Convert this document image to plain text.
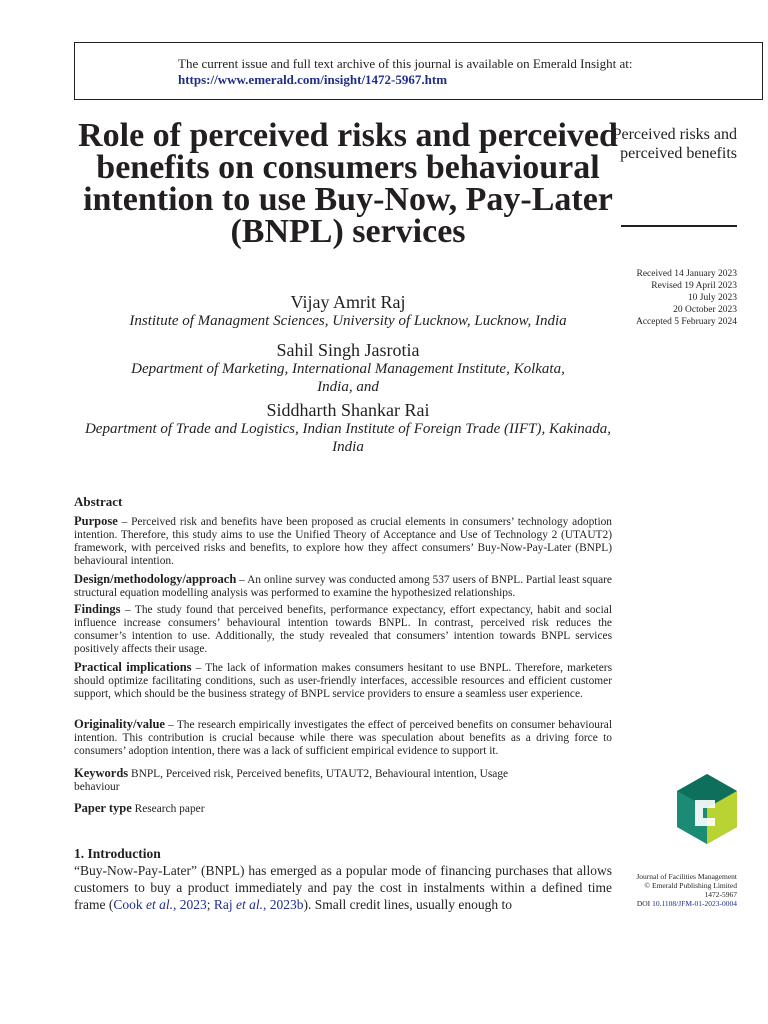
The current issue and full text archive of this journal is available on Emerald Insight at:
https://www.emerald.com/insight/1472-5967.htm
Role of perceived risks and perceived benefits on consumers behavioural intention to use Buy-Now, Pay-Later (BNPL) services
Perceived risks and perceived benefits
Received 14 January 2023
Revised 19 April 2023
10 July 2023
20 October 2023
Accepted 5 February 2024
Vijay Amrit Raj
Institute of Managment Sciences, University of Lucknow, Lucknow, India
Sahil Singh Jasrotia
Department of Marketing, International Management Institute, Kolkata, India, and
Siddharth Shankar Rai
Department of Trade and Logistics, Indian Institute of Foreign Trade (IIFT), Kakinada, India
Abstract
Purpose – Perceived risk and benefits have been proposed as crucial elements in consumers’ technology adoption intention. Therefore, this study aims to use the Unified Theory of Acceptance and Use of Technology 2 (UTAUT2) framework, with perceived risks and benefits, to explore how they affect consumers’ Buy-Now-Pay-Later (BNPL) behavioural intention.
Design/methodology/approach – An online survey was conducted among 537 users of BNPL. Partial least square structural equation modelling analysis was performed to examine the hypothesized relationships.
Findings – The study found that perceived benefits, performance expectancy, effort expectancy, habit and social influence increase consumers’ behavioural intention towards BNPL. In contrast, perceived risk reduces the consumer’s intention to use. Additionally, the study revealed that consumers’ intention towards BNPL services positively affects their usage.
Practical implications – The lack of information makes consumers hesitant to use BNPL. Therefore, marketers should optimize facilitating conditions, such as user-friendly interfaces, accessible resources and efficient customer support, which should be the business strategy of BNPL service providers to ensure a seamless user experience.
Originality/value – The research empirically investigates the effect of perceived benefits on consumer behavioural intention. This contribution is crucial because while there was speculation about benefits as a driving force to consumers’ adoption intention, there was a lack of sufficient empirical evidence to support it.
Keywords BNPL, Perceived risk, Perceived benefits, UTAUT2, Behavioural intention, Usage behaviour
Paper type Research paper
1. Introduction
“Buy-Now-Pay-Later” (BNPL) has emerged as a popular mode of financing purchases that allows customers to buy a product immediately and pay the cost in instalments within a defined time frame (Cook et al., 2023; Raj et al., 2023b). Small credit lines, usually enough to
Journal of Facilities Management
© Emerald Publishing Limited
1472-5967
DOI 10.1108/JFM-01-2023-0004
